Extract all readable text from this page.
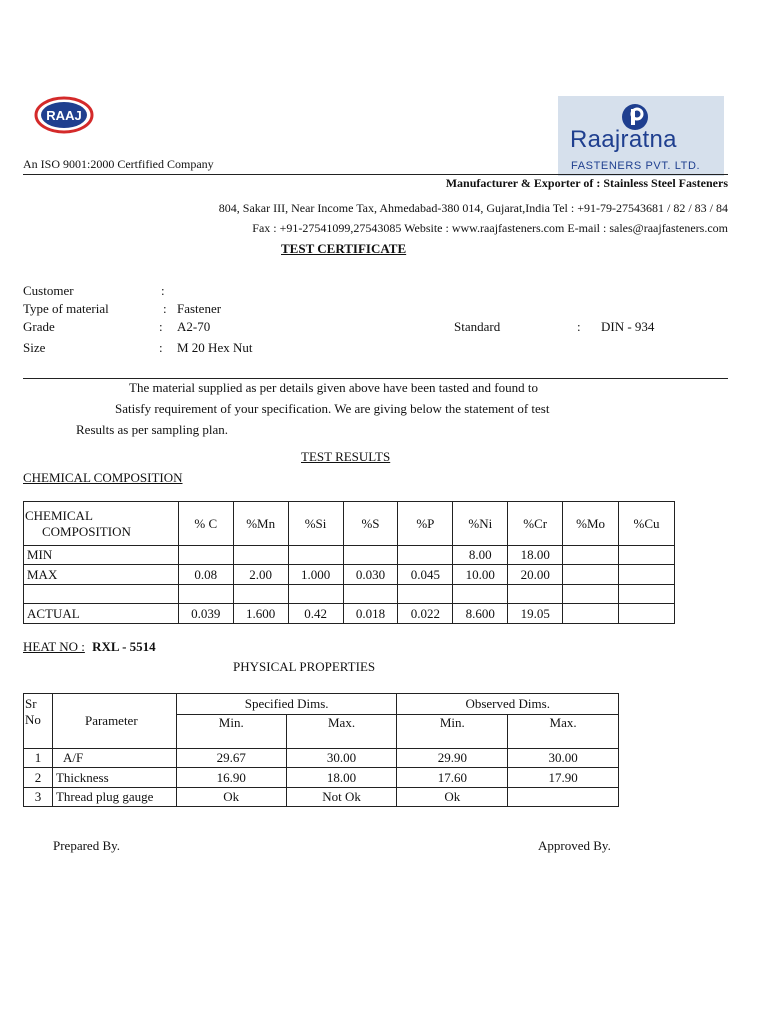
RAAJ
Raajratna
FASTENERS PVT. LTD.
An ISO 9001:2000 Certfified Company
Manufacturer & Exporter of : Stainless Steel Fasteners
804, Sakar III, Near Income Tax, Ahmedabad-380 014, Gujarat,India Tel : +91-79-27543681 / 82 / 83 / 84
Fax : +91-27541099,27543085 Website : www.raajfasteners.com E-mail : sales@raajfasteners.com
TEST CERTIFICATE
Customer	:
Type of material	: Fastener
Grade	: A2-70	Standard	: DIN - 934
Size	: M 20 Hex Nut
The material supplied as per details given above have been tasted and found to
Satisfy requirement of your specification. We are giving below the statement of test
Results as per sampling plan.
TEST RESULTS
CHEMICAL COMPOSITION
CHEMICAL
COMPOSITION	% C	%Mn	%Si	%S	%P	%Ni	%Cr	%Mo	%Cu
MIN						8.00	18.00		
MAX	0.08	2.00	1.000	0.030	0.045	10.00	20.00		

ACTUAL	0.039	1.600	0.42	0.018	0.022	8.600	19.05		
HEAT NO : RXL - 5514
PHYSICAL PROPERTIES
Sr
No	Parameter	Specified Dims.		Observed Dims.	
		Min.	Max.	Min.	Max.
1	A/F	29.67	30.00	29.90	30.00
2	Thickness	16.90	18.00	17.60	17.90
3	Thread plug gauge	Ok	Not Ok	Ok	
Prepared By.	Approved By.
